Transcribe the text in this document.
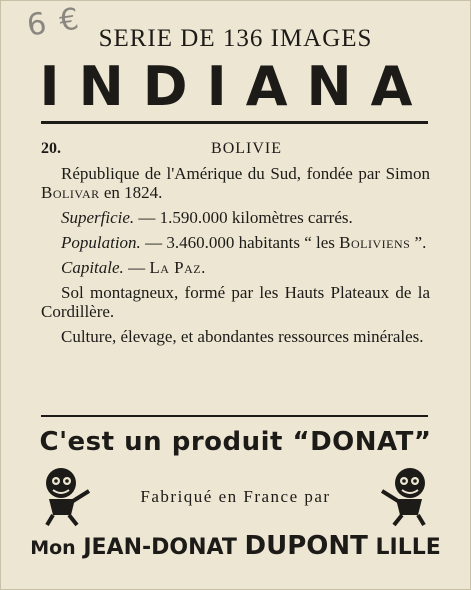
6 € SERIE DE 136 IMAGES
INDIANA
20.	BOLIVIE

République de l'Amérique du Sud, fondée par Simon Bolivar en 1824.

Superficie. — 1.590.000 kilomètres carrés.

Population. — 3.460.000 habitants “ les Boliviens ”.

Capitale. — La Paz.

Sol montagneux, formé par les Hauts Plateaux de la Cordillère.

Culture, élevage, et abondantes ressources minérales.

C'est un produit “DONAT”
Fabriqué en France par
Mon JEAN-DONAT DUPONT LILLE
